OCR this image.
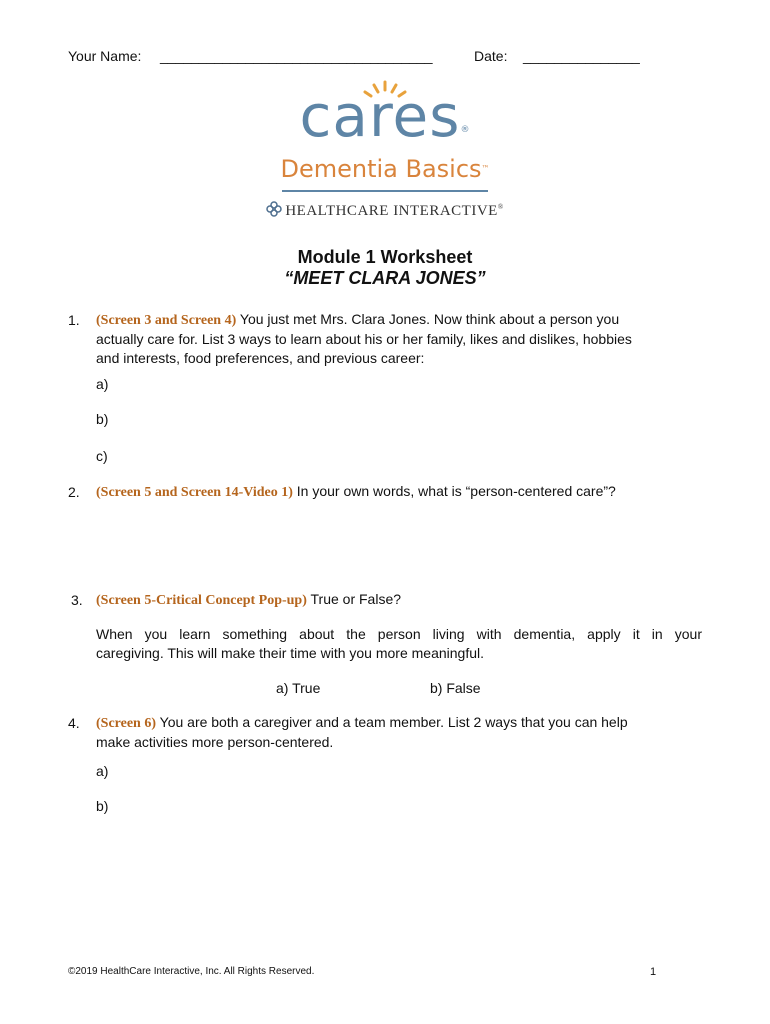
Your Name: ___________________________________	Date: _______________
cares®
Dementia Basics™
HEALTHCARE INTERACTIVE®
Module 1 Worksheet
“MEET CLARA JONES”
1. (Screen 3 and Screen 4) You just met Mrs. Clara Jones. Now think about a person you
actually care for. List 3 ways to learn about his or her family, likes and dislikes, hobbies
and interests, food preferences, and previous career:
a)
b)
c)
2. (Screen 5 and Screen 14-Video 1) In your own words, what is “person-centered care”?
3. (Screen 5-Critical Concept Pop-up) True or False?
When you learn something about the person living with dementia, apply it in your
caregiving. This will make their time with you more meaningful.
a) True	b) False
4. (Screen 6) You are both a caregiver and a team member. List 2 ways that you can help
make activities more person-centered.
a)
b)
©2019 HealthCare Interactive, Inc. All Rights Reserved.	1
